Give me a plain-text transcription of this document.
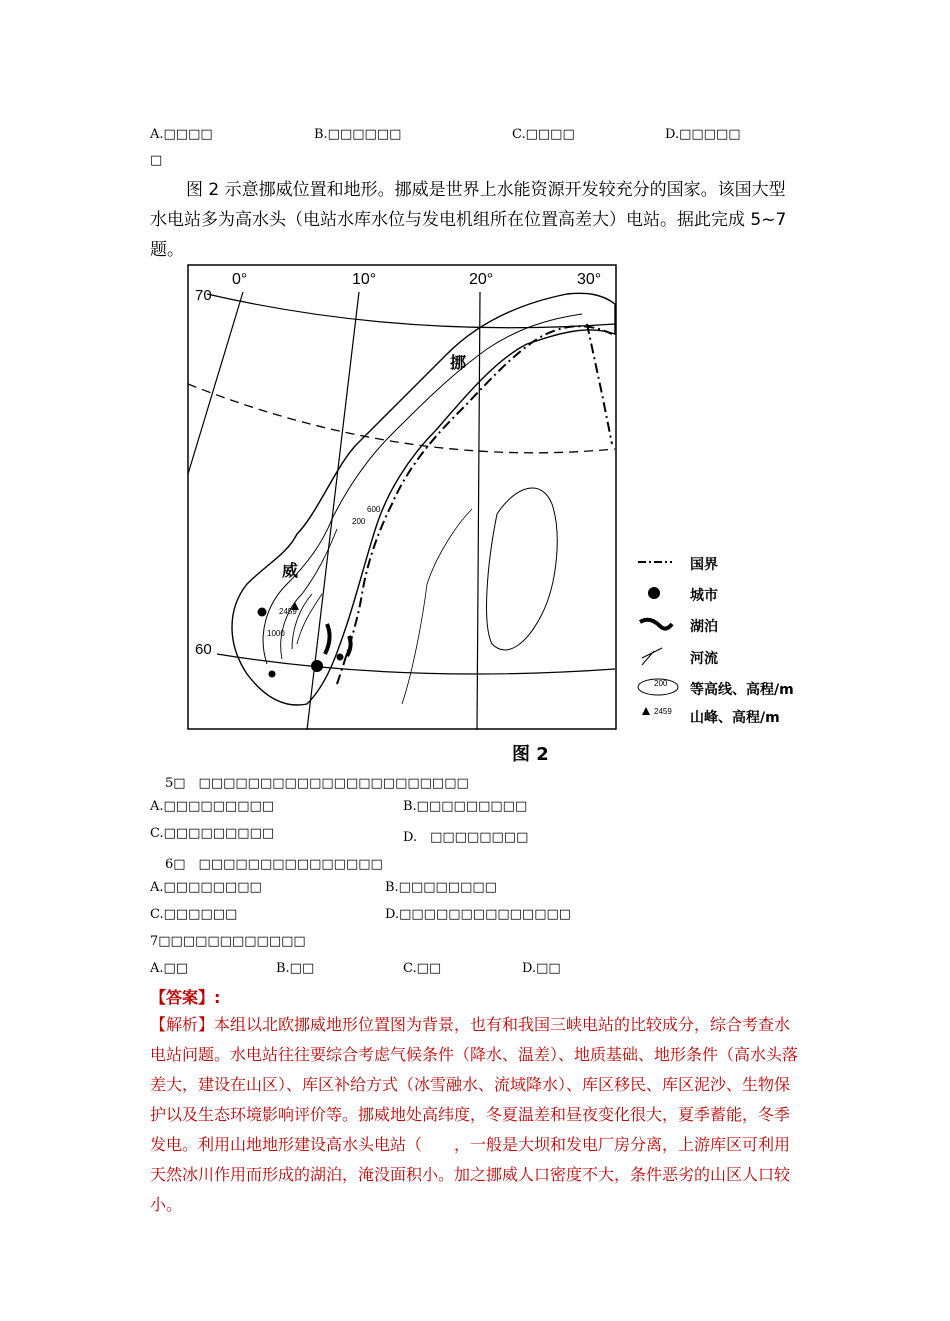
A.□□□□	B.□□□□□□	C.□□□□	D.□□□□□
□
图 2 示意挪威位置和地形。挪威是世界上水能资源开发较充分的国家。该国大型水电站多为高水头（电站水库水位与发电机组所在位置高差大）电站。据此完成 5~7 题。
0°	10°	20°	30°
70
60
挪
威
200
600
1000
2459
图 2
200
2459
国界
城市
湖泊
河流
等高线、高程/m
山峰、高程/m
5□　□□□□□□□□□□□□□□□□□□□□□□
A.□□□□□□□□□	B.□□□□□□□□□
C.□□□□□□□□□	D.　□□□□□□□□
6□　□□□□□□□□□□□□□□□
A.□□□□□□□□	B.□□□□□□□□
C.□□□□□□	D.□□□□□□□□□□□□□□
7□□□□□□□□□□□□
A.□□	B.□□	C.□□	D.□□
【答案】:
【解析】本组以北欧挪威地形位置图为背景，也有和我国三峡电站的比较成分，综合考查水电站问题。水电站往往要综合考虑气候条件（降水、温差）、地质基础、地形条件（高水头落差大，建设在山区）、库区补给方式（冰雪融水、流域降水）、库区移民、库区泥沙、生物保护以及生态环境影响评价等。挪威地处高纬度，冬夏温差和昼夜变化很大，夏季蓄能，冬季发电。利用山地地形建设高水头电站（　　，一般是大坝和发电厂房分离，上游库区可利用天然冰川作用而形成的湖泊，淹没面积小。加之挪威人口密度不大，条件恶劣的山区人口较小。
